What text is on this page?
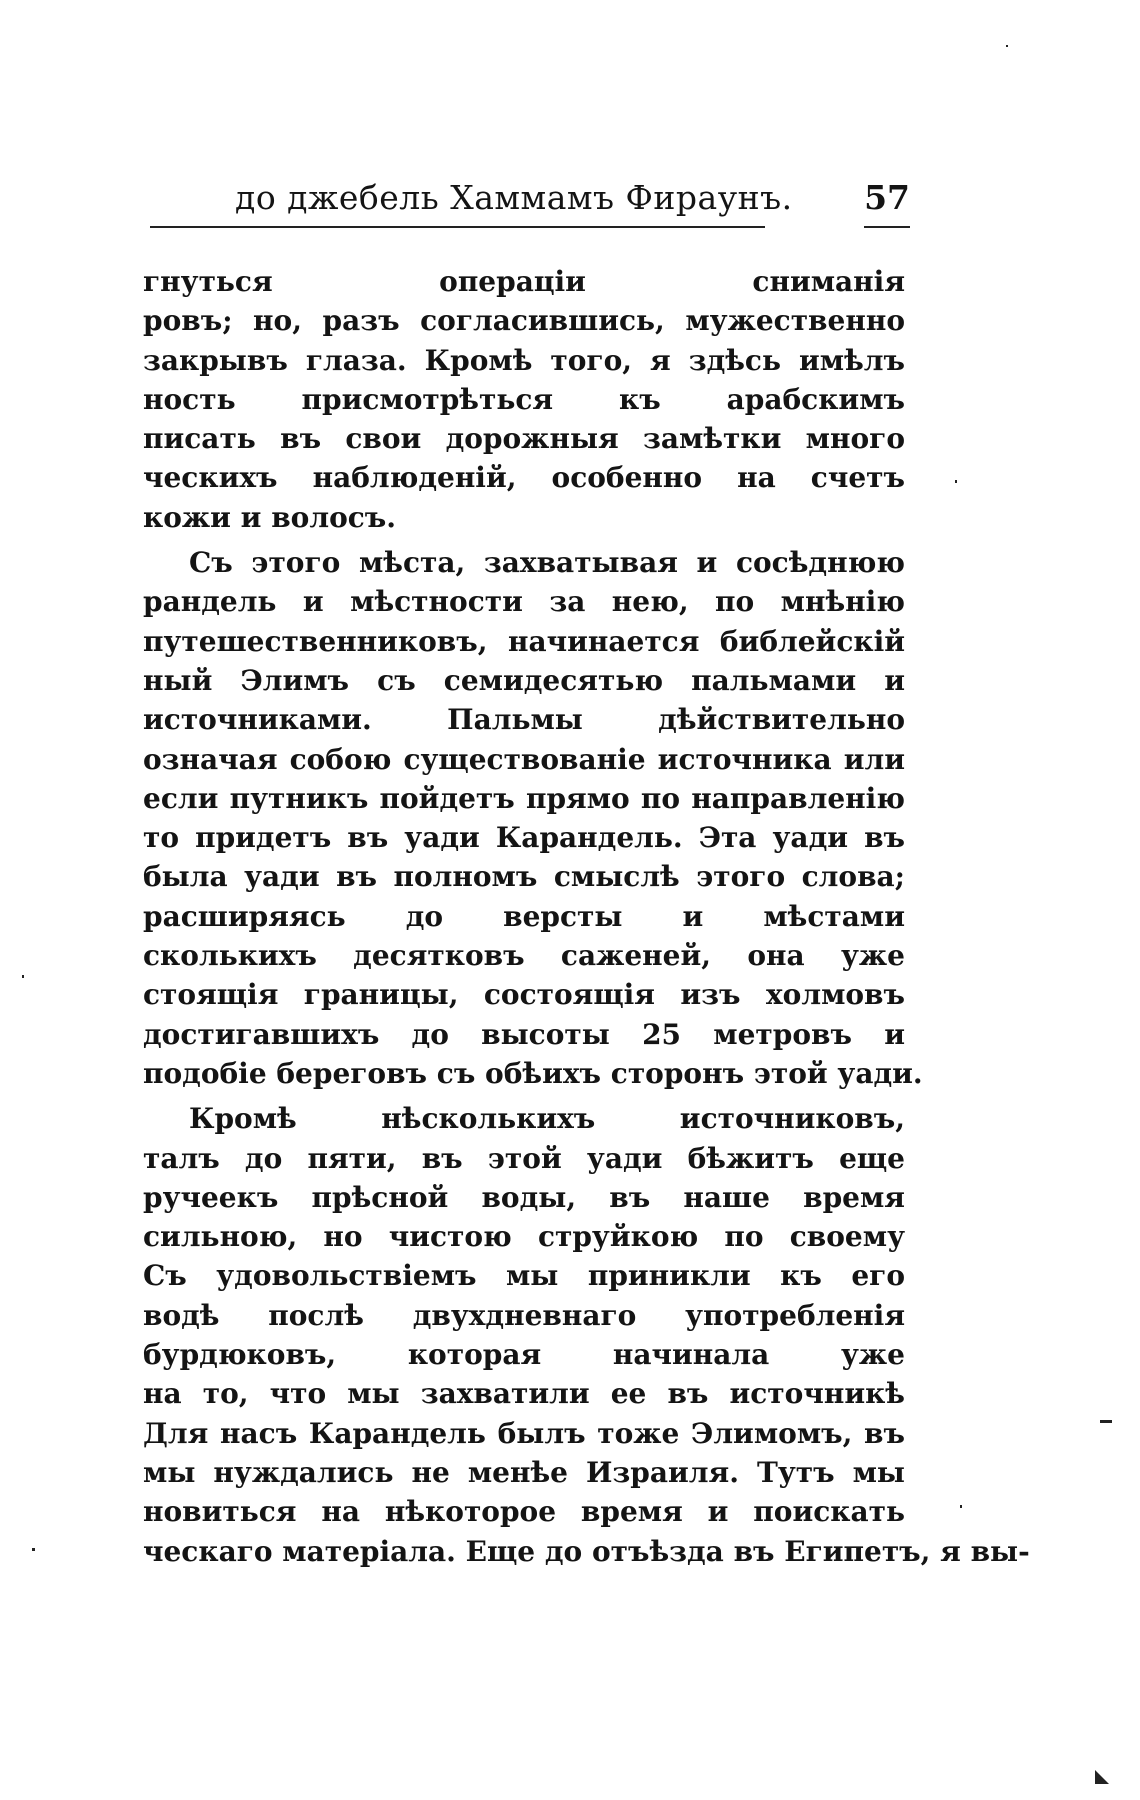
до джебель Хаммамъ Фираунъ. 57
гнуться операціи сниманія
ровъ; но, разъ согласившись, мужественно
закрывъ глаза. Кромѣ того, я здѣсь имѣлъ
ность присмотрѣться къ арабскимъ
писать въ свои дорожныя замѣтки много
ческихъ наблюденій, особенно на счетъ
кожи и волосъ.
Съ этого мѣста, захватывая и сосѣднюю
рандель и мѣстности за нею, по мнѣнію
путешественниковъ, начинается библейскій
ный Элимъ съ семидесятью пальмами и
источниками. Пальмы дѣйствительно
означая собою существованіе источника или
если путникъ пойдетъ прямо по направленію
то придетъ въ уади Карандель. Эта уади въ
была уади въ полномъ смыслѣ этого слова;
расширяясь до версты и мѣстами
сколькихъ десятковъ саженей, она уже
стоящія границы, состоящія изъ холмовъ
достигавшихъ до высоты 25 метровъ и
подобіе береговъ съ обѣихъ сторонъ этой уади.
Кромѣ нѣсколькихъ источниковъ,
талъ до пяти, въ этой уади бѣжитъ еще
ручеекъ прѣсной воды, въ наше время
сильною, но чистою струйкою по своему
Съ удовольствіемъ мы приникли къ его
водѣ послѣ двухдневнаго употребленія
бурдюковъ, которая начинала уже
на то, что мы захватили ее въ источникѣ
Для насъ Карандель былъ тоже Элимомъ, въ
мы нуждались не менѣе Израиля. Тутъ мы
новиться на нѣкоторое время и поискать
ческаго матеріала. Еще до отъѣзда въ Египетъ, я вы-
